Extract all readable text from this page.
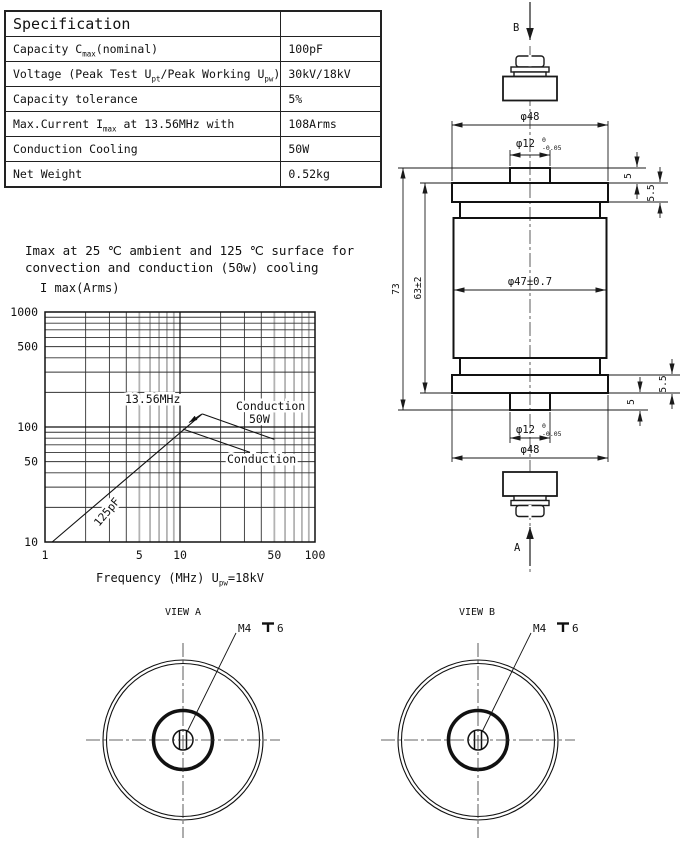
Specification	
Capacity $C_{max}(nominal)$	100pF
Voltage (Peak Test $U_{pt}$/Peak Working $U_{pw}$)	30kV/18kV
Capacity tolerance	5%
Max.Current $I_{max}$ at 13.56MHz with	108Arms
Conduction Cooling	50W
Net Weight	0.52kg
Imax at 25 ℃ ambient and 125 ℃ surface for
convection and conduction (50w) cooling
I max(Arms)
1	5	10	50 100
10
50
100
500
1000
13.56MHz	Conduction
50W
Conduction
125pF
Frequency (MHz) $U_{pw}=18kV$
B
A
φ48
φ12 0
-0.05
5
5.5
73 63±2	φ47±0.7
5.5
5
φ12 0
-0.05
φ48
VIEW A	VIEW B
M4 6	M4 6
